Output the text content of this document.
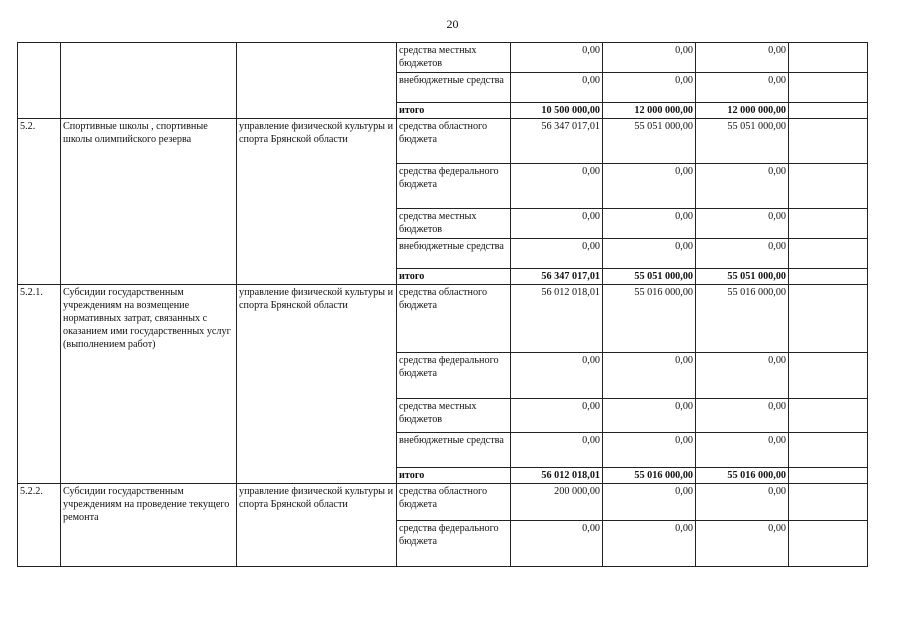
20
			средства местных бюджетов	0,00	0,00	0,00	
			внебюджетные средства	0,00	0,00	0,00	
			итого	10 500 000,00	12 000 000,00	12 000 000,00	
5.2.	Спортивные школы , спортивные школы олимпийского резерва	управление физической культуры и спорта Брянской области	средства областного бюджета	56 347 017,01	55 051 000,00	55 051 000,00	
			средства федерального бюджета	0,00	0,00	0,00	
			средства местных бюджетов	0,00	0,00	0,00	
			внебюджетные средства	0,00	0,00	0,00	
			итого	56 347 017,01	55 051 000,00	55 051 000,00	
5.2.1.	Субсидии государственным учреждениям на возмещение нормативных затрат, связанных с оказанием ими государственных услуг (выполнением работ)	управление физической культуры и спорта Брянской области	средства областного бюджета	56 012 018,01	55 016 000,00	55 016 000,00	
			средства федерального бюджета	0,00	0,00	0,00	
			средства местных бюджетов	0,00	0,00	0,00	
			внебюджетные средства	0,00	0,00	0,00	
			итого	56 012 018,01	55 016 000,00	55 016 000,00	
5.2.2.	Субсидии государственным учреждениям на проведение текущего ремонта	управление физической культуры и спорта Брянской области	средства областного бюджета	200 000,00	0,00	0,00	
			средства федерального бюджета	0,00	0,00	0,00	
